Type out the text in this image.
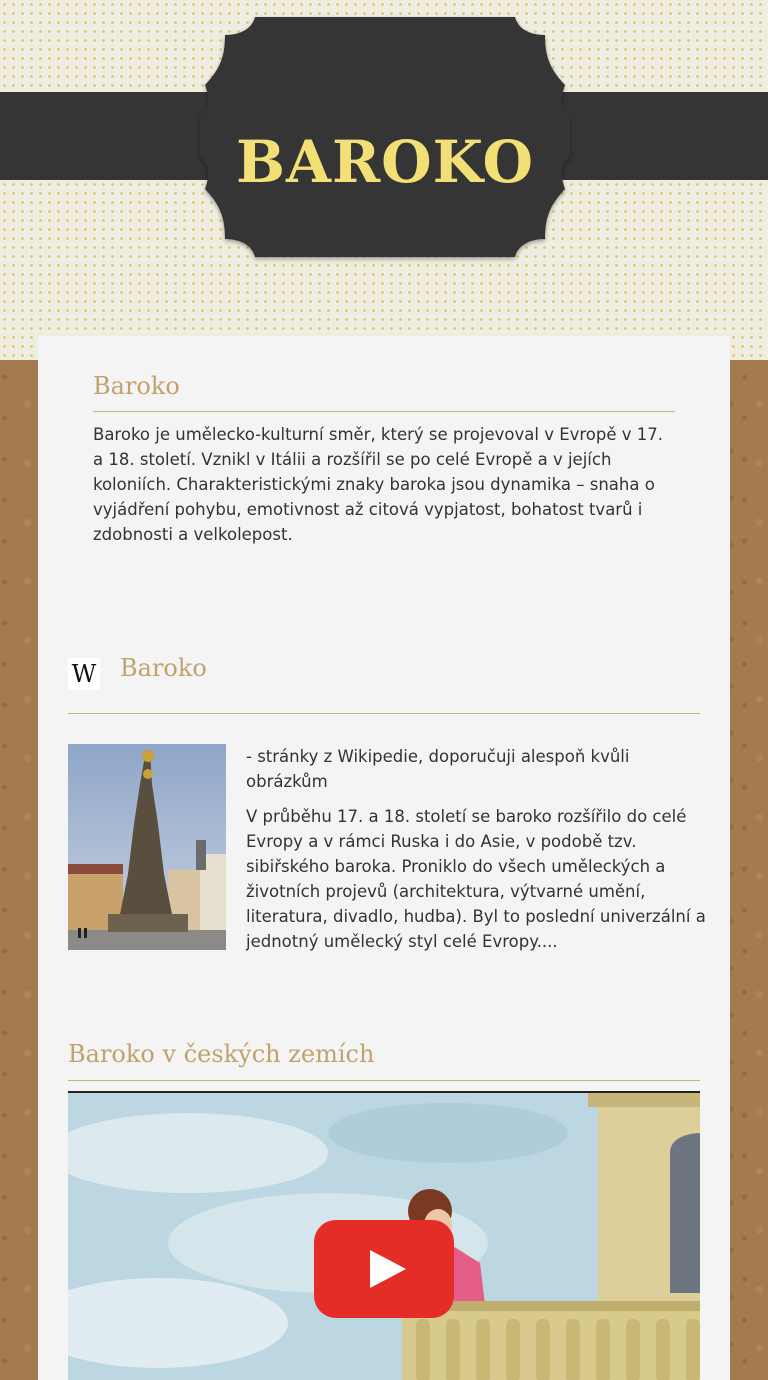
BAROKO
Baroko

Baroko je umělecko-kulturní směr, který se projevoval v Evropě v 17. a 18. století. Vznikl v Itálii a rozšířil se po celé Evropě a v jejích koloniích. Charakteristickými znaky baroka jsou dynamika – snaha o vyjádření pohybu, emotivnost až citová vypjatost, bohatost tvarů i zdobnosti a velkolepost.

W Baroko

- stránky z Wikipedie, doporučuji alespoň kvůli obrázkům

V průběhu 17. a 18. století se baroko rozšířilo do celé Evropy a v rámci Ruska i do Asie, v podobě tzv. sibiřského baroka. Proniklo do všech uměleckých a životních projevů (architektura, výtvarné umění, literatura, divadlo, hudba). Byl to poslední univerzální a jednotný umělecký styl celé Evropy....

Baroko v českých zemích
